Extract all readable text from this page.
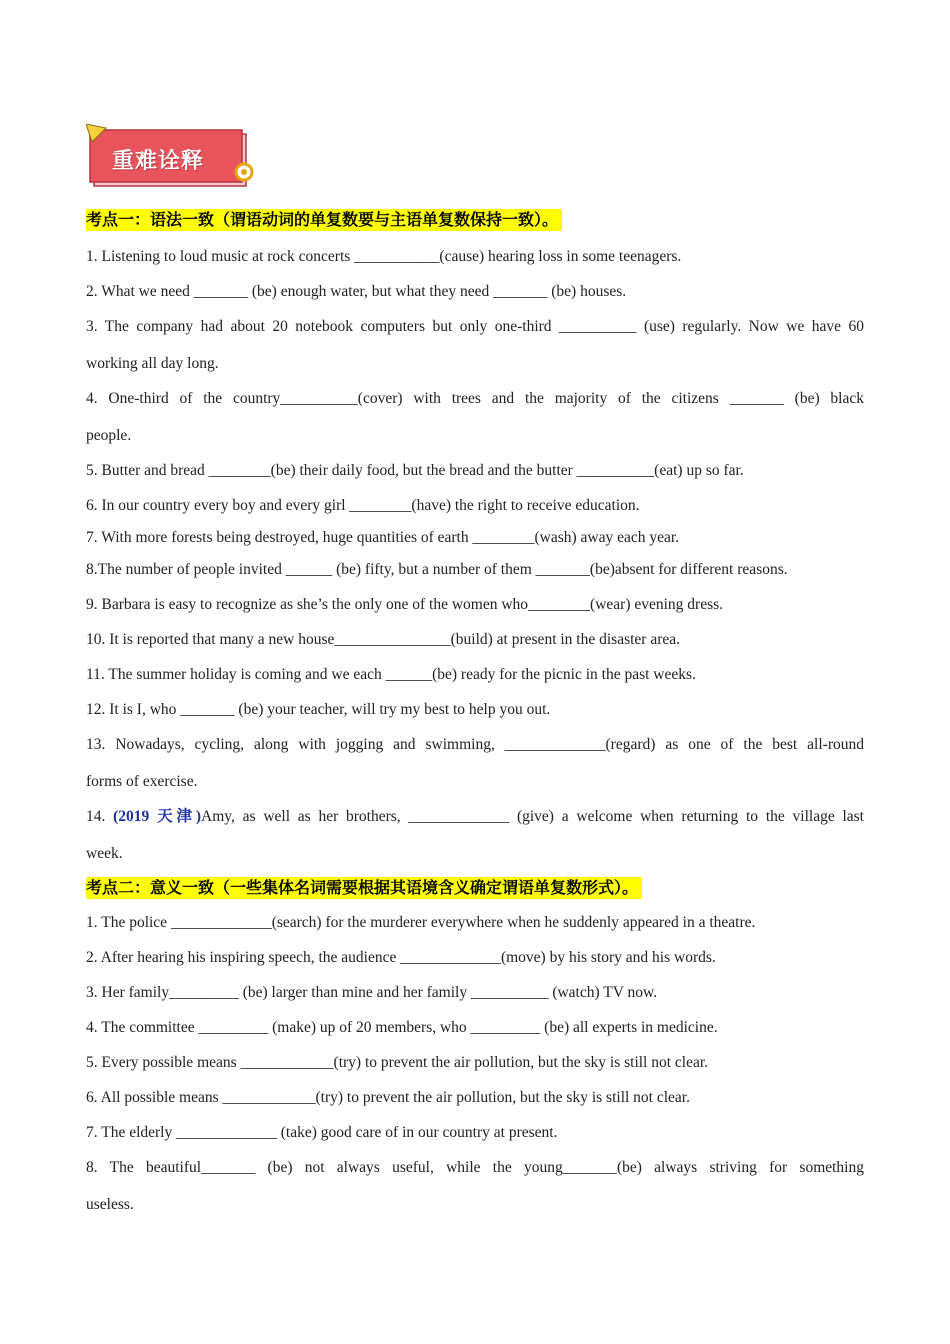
重难诠释
考点一：语法一致（谓语动词的单复数要与主语单复数保持一致）。

1. Listening to loud music at rock concerts ___________(cause) hearing loss in some teenagers.

2. What we need _______ (be) enough water, but what they need _______ (be) houses.

3. The company had about 20 notebook computers but only one-third __________ (use) regularly. Now we have 60

working all day long.

4. One-third of the country__________(cover) with trees and the majority of the citizens _______ (be) black

people.

5. Butter and bread ________(be) their daily food, but the bread and the butter __________(eat) up so far.

6. In our country every boy and every girl ________(have) the right to receive education.

7. With more forests being destroyed, huge quantities of earth ________(wash) away each year.

8.The number of people invited ______ (be) fifty, but a number of them _______(be)absent for different reasons.

9. Barbara is easy to recognize as she’s the only one of the women who________(wear) evening dress.

10. It is reported that many a new house_______________(build) at present in the disaster area.

11. The summer holiday is coming and we each ______(be) ready for the picnic in the past weeks.

12. It is I, who _______ (be) your teacher, will try my best to help you out.

13. Nowadays, cycling, along with jogging and swimming, _____________(regard) as one of the best all-round

forms of exercise.

14. (2019 天津)Amy, as well as her brothers, _____________ (give) a welcome when returning to the village last

week.

考点二：意义一致（一些集体名词需要根据其语境含义确定谓语单复数形式）。

1. The police _____________(search) for the murderer everywhere when he suddenly appeared in a theatre.

2. After hearing his inspiring speech, the audience _____________(move) by his story and his words.

3. Her family_________ (be) larger than mine and her family __________ (watch) TV now.

4. The committee _________ (make) up of 20 members, who _________ (be) all experts in medicine.

5. Every possible means ____________(try) to prevent the air pollution, but the sky is still not clear.

6. All possible means ____________(try) to prevent the air pollution, but the sky is still not clear.

7. The elderly _____________ (take) good care of in our country at present.

8. The beautiful_______ (be) not always useful, while the young_______(be) always striving for something

useless.
